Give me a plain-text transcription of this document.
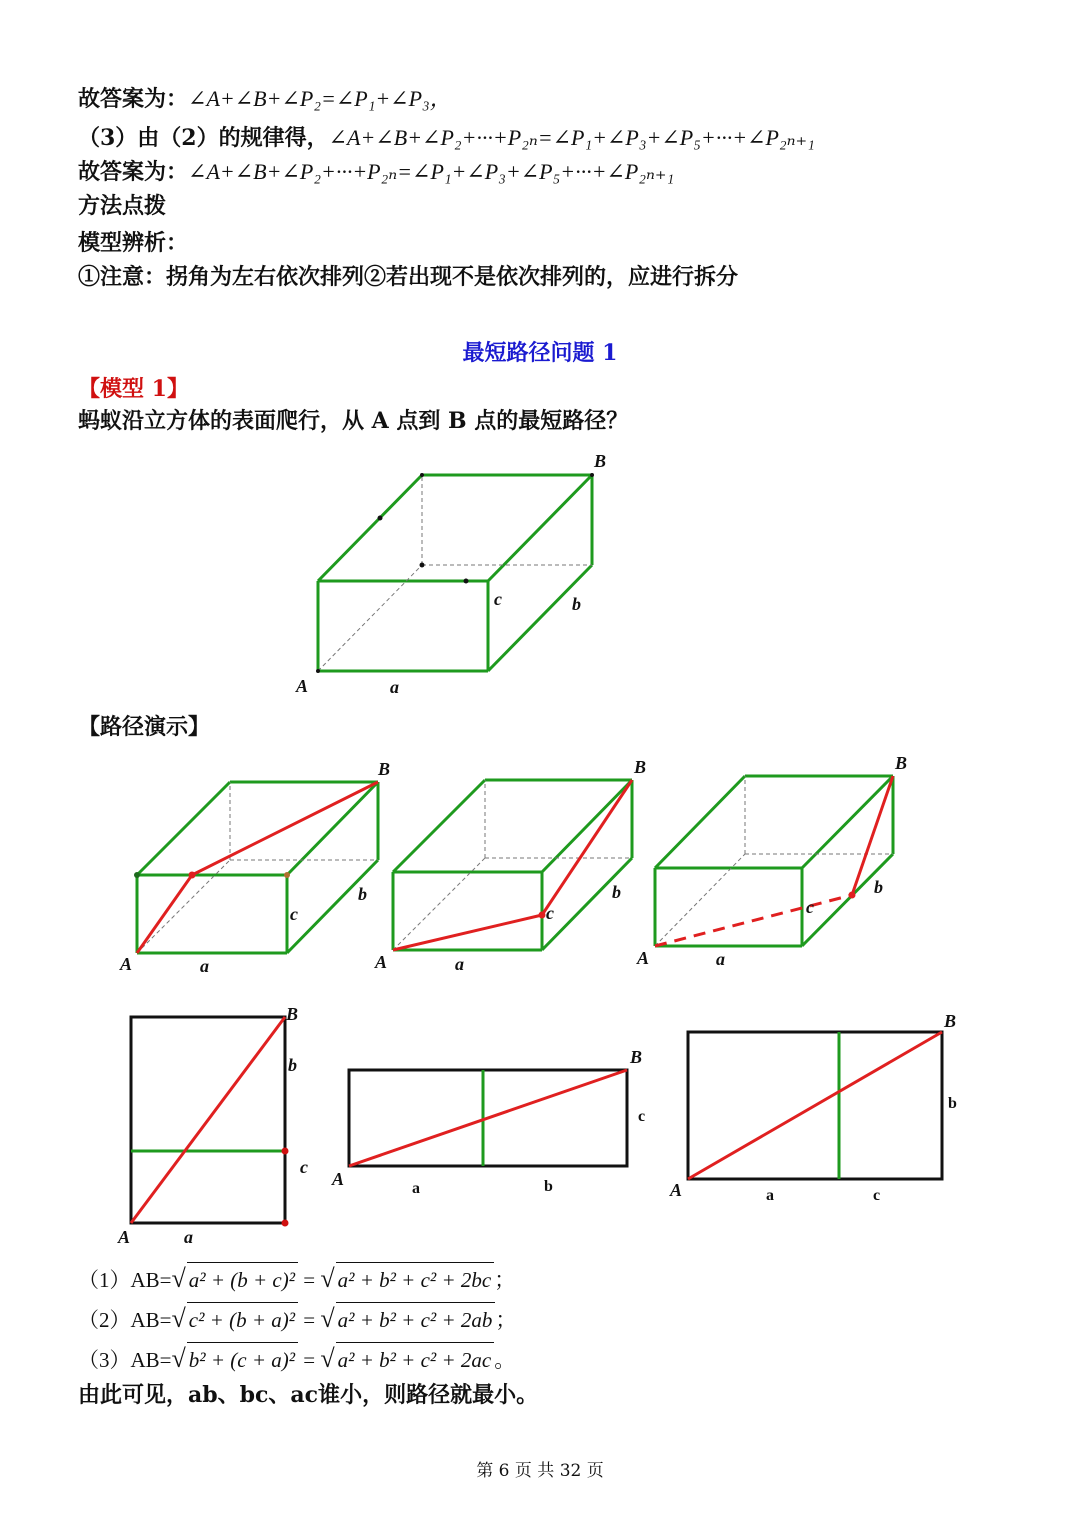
故答案为：∠A+∠B+∠P₂=∠P₁+∠P₃，
（3）由（2）的规律得，∠A+∠B+∠P₂+···+P₂ₙ=∠P₁+∠P₃+∠P₅+···+∠P₂ₙ₊₁
故答案为：∠A+∠B+∠P₂+···+P₂ₙ=∠P₁+∠P₃+∠P₅+···+∠P₂ₙ₊₁
方法点拨
模型辨析：
①注意：拐角为左右依次排列②若出现不是依次排列的，应进行拆分
最短路径问题 1
【模型 1】
蚂蚁沿立方体的表面爬行，从 A 点到 B 点的最短路径？
A
B
a
b
c
【路径演示】
A
B
a
b
c
A
B
a
b
c
A
B
a
b
c
A
B
a
b
c
A
B
a	b
c
A
B
a
b
c
（1）AB=√ a² + (b + c)² = √ a² + b² + c² + 2bc ；
（2）AB=√ c² + (b + a)² = √ a² + b² + c² + 2ab ；
（3）AB=√ b² + (c + a)² = √ a² + b² + c² + 2ac 。
由此可见，ab、bc、ac谁小，则路径就最小。
第 6 页 共 32 页
